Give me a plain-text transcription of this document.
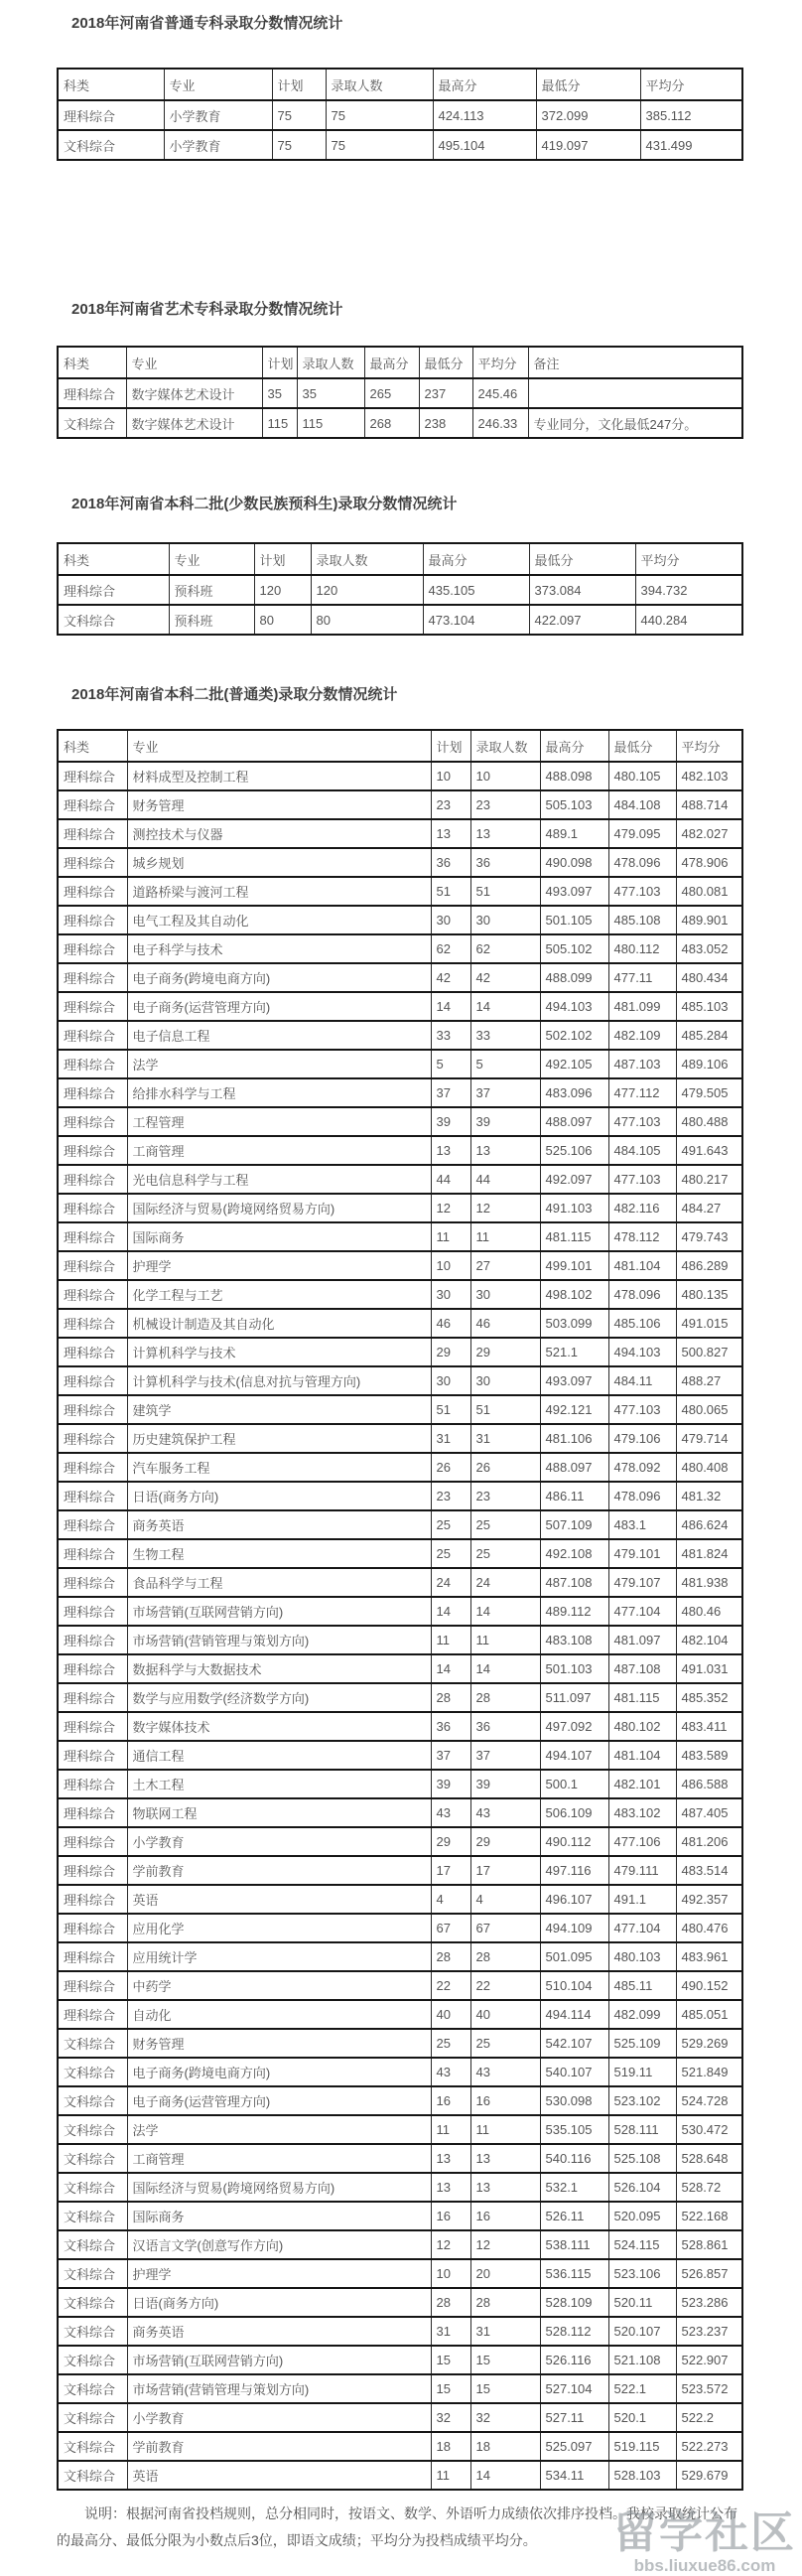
2018年河南省普通专科录取分数情况统计
科类	专业	计划	录取人数	最高分	最低分	平均分
理科综合	小学教育	75	75	424.113	372.099	385.112
文科综合	小学教育	75	75	495.104	419.097	431.499
2018年河南省艺术专科录取分数情况统计
科类	专业	计划	录取人数	最高分	最低分	平均分	备注
理科综合	数字媒体艺术设计	35	35	265	237	245.46	
文科综合	数字媒体艺术设计	115	115	268	238	246.33	专业同分，文化最低247分。
2018年河南省本科二批(少数民族预科生)录取分数情况统计
科类	专业	计划	录取人数	最高分	最低分	平均分
理科综合	预科班	120	120	435.105	373.084	394.732
文科综合	预科班	80	80	473.104	422.097	440.284
2018年河南省本科二批(普通类)录取分数情况统计
科类	专业	计划	录取人数	最高分	最低分	平均分
理科综合	材料成型及控制工程	10	10	488.098	480.105	482.103
理科综合	财务管理	23	23	505.103	484.108	488.714
理科综合	测控技术与仪器	13	13	489.1	479.095	482.027
理科综合	城乡规划	36	36	490.098	478.096	478.906
理科综合	道路桥梁与渡河工程	51	51	493.097	477.103	480.081
理科综合	电气工程及其自动化	30	30	501.105	485.108	489.901
理科综合	电子科学与技术	62	62	505.102	480.112	483.052
理科综合	电子商务(跨境电商方向)	42	42	488.099	477.11	480.434
理科综合	电子商务(运营管理方向)	14	14	494.103	481.099	485.103
理科综合	电子信息工程	33	33	502.102	482.109	485.284
理科综合	法学	5	5	492.105	487.103	489.106
理科综合	给排水科学与工程	37	37	483.096	477.112	479.505
理科综合	工程管理	39	39	488.097	477.103	480.488
理科综合	工商管理	13	13	525.106	484.105	491.643
理科综合	光电信息科学与工程	44	44	492.097	477.103	480.217
理科综合	国际经济与贸易(跨境网络贸易方向)	12	12	491.103	482.116	484.27
理科综合	国际商务	11	11	481.115	478.112	479.743
理科综合	护理学	10	27	499.101	481.104	486.289
理科综合	化学工程与工艺	30	30	498.102	478.096	480.135
理科综合	机械设计制造及其自动化	46	46	503.099	485.106	491.015
理科综合	计算机科学与技术	29	29	521.1	494.103	500.827
理科综合	计算机科学与技术(信息对抗与管理方向)	30	30	493.097	484.11	488.27
理科综合	建筑学	51	51	492.121	477.103	480.065
理科综合	历史建筑保护工程	31	31	481.106	479.106	479.714
理科综合	汽车服务工程	26	26	488.097	478.092	480.408
理科综合	日语(商务方向)	23	23	486.11	478.096	481.32
理科综合	商务英语	25	25	507.109	483.1	486.624
理科综合	生物工程	25	25	492.108	479.101	481.824
理科综合	食品科学与工程	24	24	487.108	479.107	481.938
理科综合	市场营销(互联网营销方向)	14	14	489.112	477.104	480.46
理科综合	市场营销(营销管理与策划方向)	11	11	483.108	481.097	482.104
理科综合	数据科学与大数据技术	14	14	501.103	487.108	491.031
理科综合	数学与应用数学(经济数学方向)	28	28	511.097	481.115	485.352
理科综合	数字媒体技术	36	36	497.092	480.102	483.411
理科综合	通信工程	37	37	494.107	481.104	483.589
理科综合	土木工程	39	39	500.1	482.101	486.588
理科综合	物联网工程	43	43	506.109	483.102	487.405
理科综合	小学教育	29	29	490.112	477.106	481.206
理科综合	学前教育	17	17	497.116	479.111	483.514
理科综合	英语	4	4	496.107	491.1	492.357
理科综合	应用化学	67	67	494.109	477.104	480.476
理科综合	应用统计学	28	28	501.095	480.103	483.961
理科综合	中药学	22	22	510.104	485.11	490.152
理科综合	自动化	40	40	494.114	482.099	485.051
文科综合	财务管理	25	25	542.107	525.109	529.269
文科综合	电子商务(跨境电商方向)	43	43	540.107	519.11	521.849
文科综合	电子商务(运营管理方向)	16	16	530.098	523.102	524.728
文科综合	法学	11	11	535.105	528.111	530.472
文科综合	工商管理	13	13	540.116	525.108	528.648
文科综合	国际经济与贸易(跨境网络贸易方向)	13	13	532.1	526.104	528.72
文科综合	国际商务	16	16	526.11	520.095	522.168
文科综合	汉语言文学(创意写作方向)	12	12	538.111	524.115	528.861
文科综合	护理学	10	20	536.115	523.106	526.857
文科综合	日语(商务方向)	28	28	528.109	520.11	523.286
文科综合	商务英语	31	31	528.112	520.107	523.237
文科综合	市场营销(互联网营销方向)	15	15	526.116	521.108	522.907
文科综合	市场营销(营销管理与策划方向)	15	15	527.104	522.1	523.572
文科综合	小学教育	32	32	527.11	520.1	522.2
文科综合	学前教育	18	18	525.097	519.115	522.273
文科综合	英语	11	14	534.11	528.103	529.679

说明：根据河南省投档规则，总分相同时，按语文、数学、外语听力成绩依次排序投档。我校录取统计公布的最高分、最低分限为小数点后3位，即语文成绩；平均分为投档成绩平均分。	留学社区
bbs.liuxue86.com
